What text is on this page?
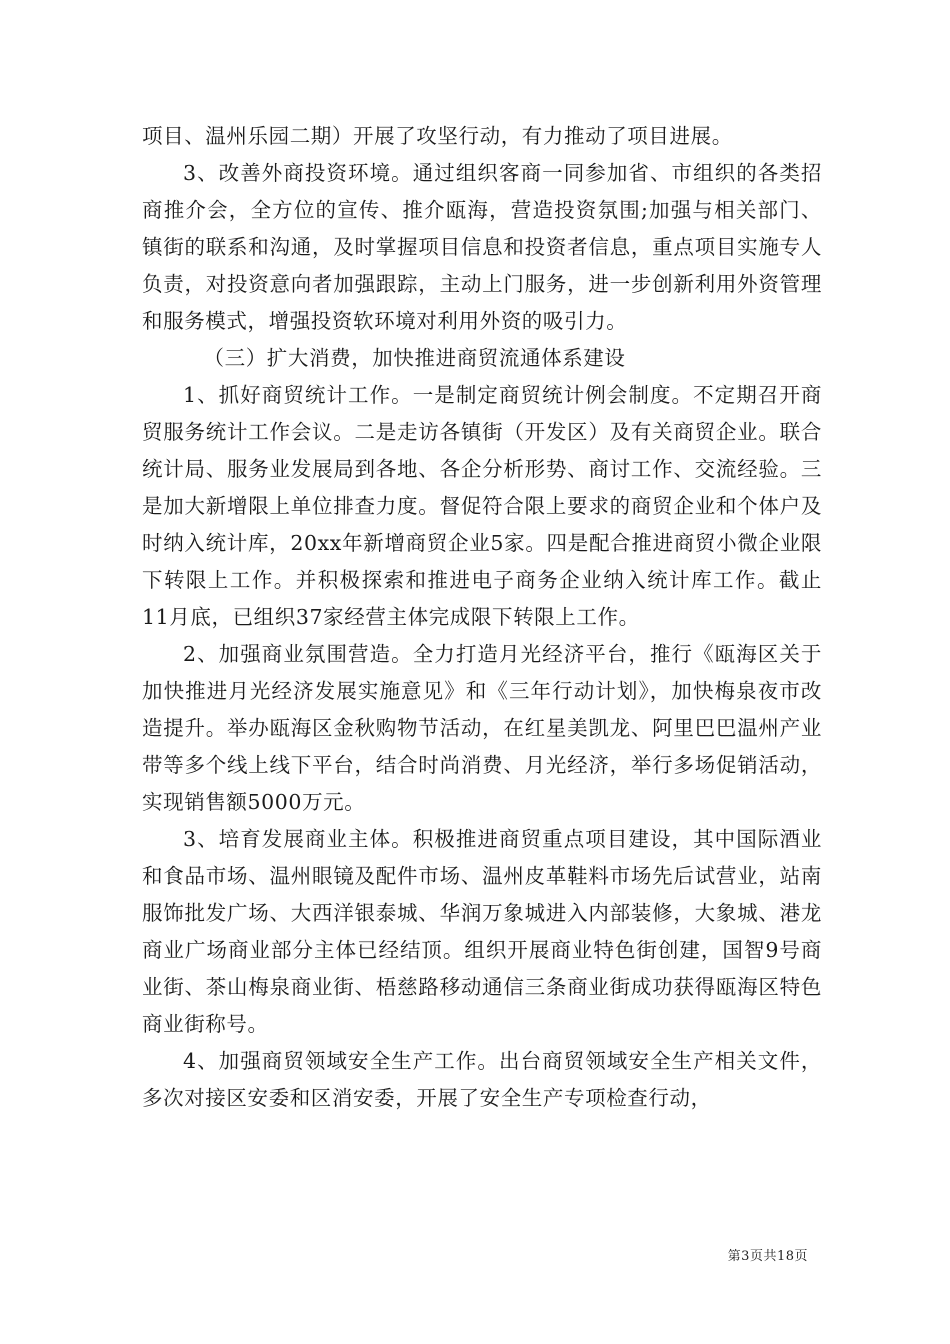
项目、温州乐园二期）开展了攻坚行动，有力推动了项目进展。

3、改善外商投资环境。通过组织客商一同参加省、市组织的各类招商推介会，全方位的宣传、推介瓯海，营造投资氛围;加强与相关部门、镇街的联系和沟通，及时掌握项目信息和投资者信息，重点项目实施专人负责，对投资意向者加强跟踪，主动上门服务，进一步创新利用外资管理和服务模式，增强投资软环境对利用外资的吸引力。

（三）扩大消费，加快推进商贸流通体系建设

1、抓好商贸统计工作。一是制定商贸统计例会制度。不定期召开商贸服务统计工作会议。二是走访各镇街（开发区）及有关商贸企业。联合统计局、服务业发展局到各地、各企分析形势、商讨工作、交流经验。三是加大新增限上单位排查力度。督促符合限上要求的商贸企业和个体户及时纳入统计库，20xx年新增商贸企业5家。四是配合推进商贸小微企业限下转限上工作。并积极探索和推进电子商务企业纳入统计库工作。截止11月底，已组织37家经营主体完成限下转限上工作。

2、加强商业氛围营造。全力打造月光经济平台，推行《瓯海区关于加快推进月光经济发展实施意见》和《三年行动计划》，加快梅泉夜市改造提升。举办瓯海区金秋购物节活动，在红星美凯龙、阿里巴巴温州产业带等多个线上线下平台，结合时尚消费、月光经济，举行多场促销活动，实现销售额5000万元。

3、培育发展商业主体。积极推进商贸重点项目建设，其中国际酒业和食品市场、温州眼镜及配件市场、温州皮革鞋料市场先后试营业，站南服饰批发广场、大西洋银泰城、华润万象城进入内部装修，大象城、港龙商业广场商业部分主体已经结顶。组织开展商业特色街创建，国智9号商业街、茶山梅泉商业街、梧慈路移动通信三条商业街成功获得瓯海区特色商业街称号。

4、加强商贸领域安全生产工作。出台商贸领域安全生产相关文件，多次对接区安委和区消安委，开展了安全生产专项检查行动，

第3页共18页
